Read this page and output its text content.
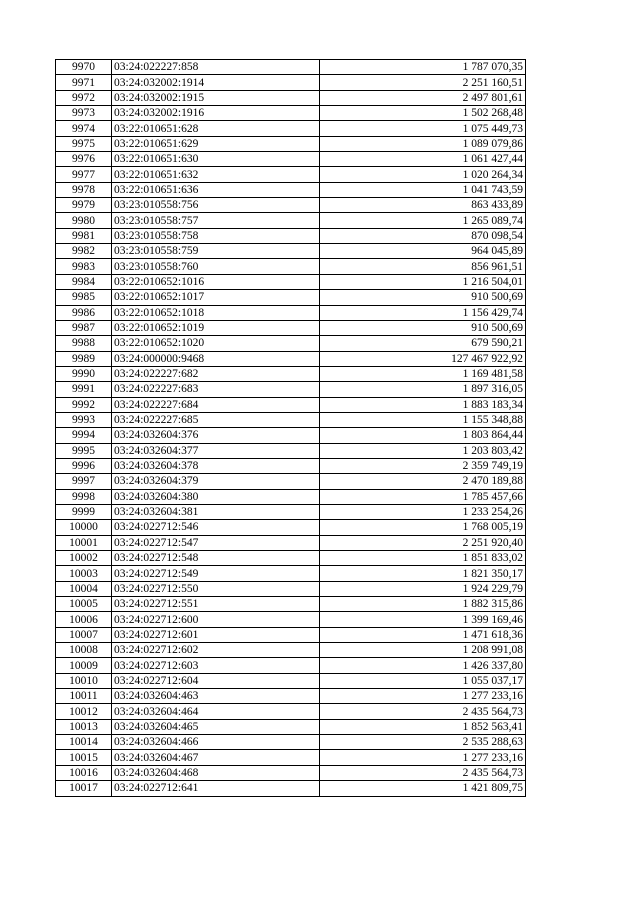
9970	03:24:022227:858	1 787 070,35
9971	03:24:032002:1914	2 251 160,51
9972	03:24:032002:1915	2 497 801,61
9973	03:24:032002:1916	1 502 268,48
9974	03:22:010651:628	1 075 449,73
9975	03:22:010651:629	1 089 079,86
9976	03:22:010651:630	1 061 427,44
9977	03:22:010651:632	1 020 264,34
9978	03:22:010651:636	1 041 743,59
9979	03:23:010558:756	863 433,89
9980	03:23:010558:757	1 265 089,74
9981	03:23:010558:758	870 098,54
9982	03:23:010558:759	964 045,89
9983	03:23:010558:760	856 961,51
9984	03:22:010652:1016	1 216 504,01
9985	03:22:010652:1017	910 500,69
9986	03:22:010652:1018	1 156 429,74
9987	03:22:010652:1019	910 500,69
9988	03:22:010652:1020	679 590,21
9989	03:24:000000:9468	127 467 922,92
9990	03:24:022227:682	1 169 481,58
9991	03:24:022227:683	1 897 316,05
9992	03:24:022227:684	1 883 183,34
9993	03:24:022227:685	1 155 348,88
9994	03:24:032604:376	1 803 864,44
9995	03:24:032604:377	1 203 803,42
9996	03:24:032604:378	2 359 749,19
9997	03:24:032604:379	2 470 189,88
9998	03:24:032604:380	1 785 457,66
9999	03:24:032604:381	1 233 254,26
10000	03:24:022712:546	1 768 005,19
10001	03:24:022712:547	2 251 920,40
10002	03:24:022712:548	1 851 833,02
10003	03:24:022712:549	1 821 350,17
10004	03:24:022712:550	1 924 229,79
10005	03:24:022712:551	1 882 315,86
10006	03:24:022712:600	1 399 169,46
10007	03:24:022712:601	1 471 618,36
10008	03:24:022712:602	1 208 991,08
10009	03:24:022712:603	1 426 337,80
10010	03:24:022712:604	1 055 037,17
10011	03:24:032604:463	1 277 233,16
10012	03:24:032604:464	2 435 564,73
10013	03:24:032604:465	1 852 563,41
10014	03:24:032604:466	2 535 288,63
10015	03:24:032604:467	1 277 233,16
10016	03:24:032604:468	2 435 564,73
10017	03:24:022712:641	1 421 809,75
